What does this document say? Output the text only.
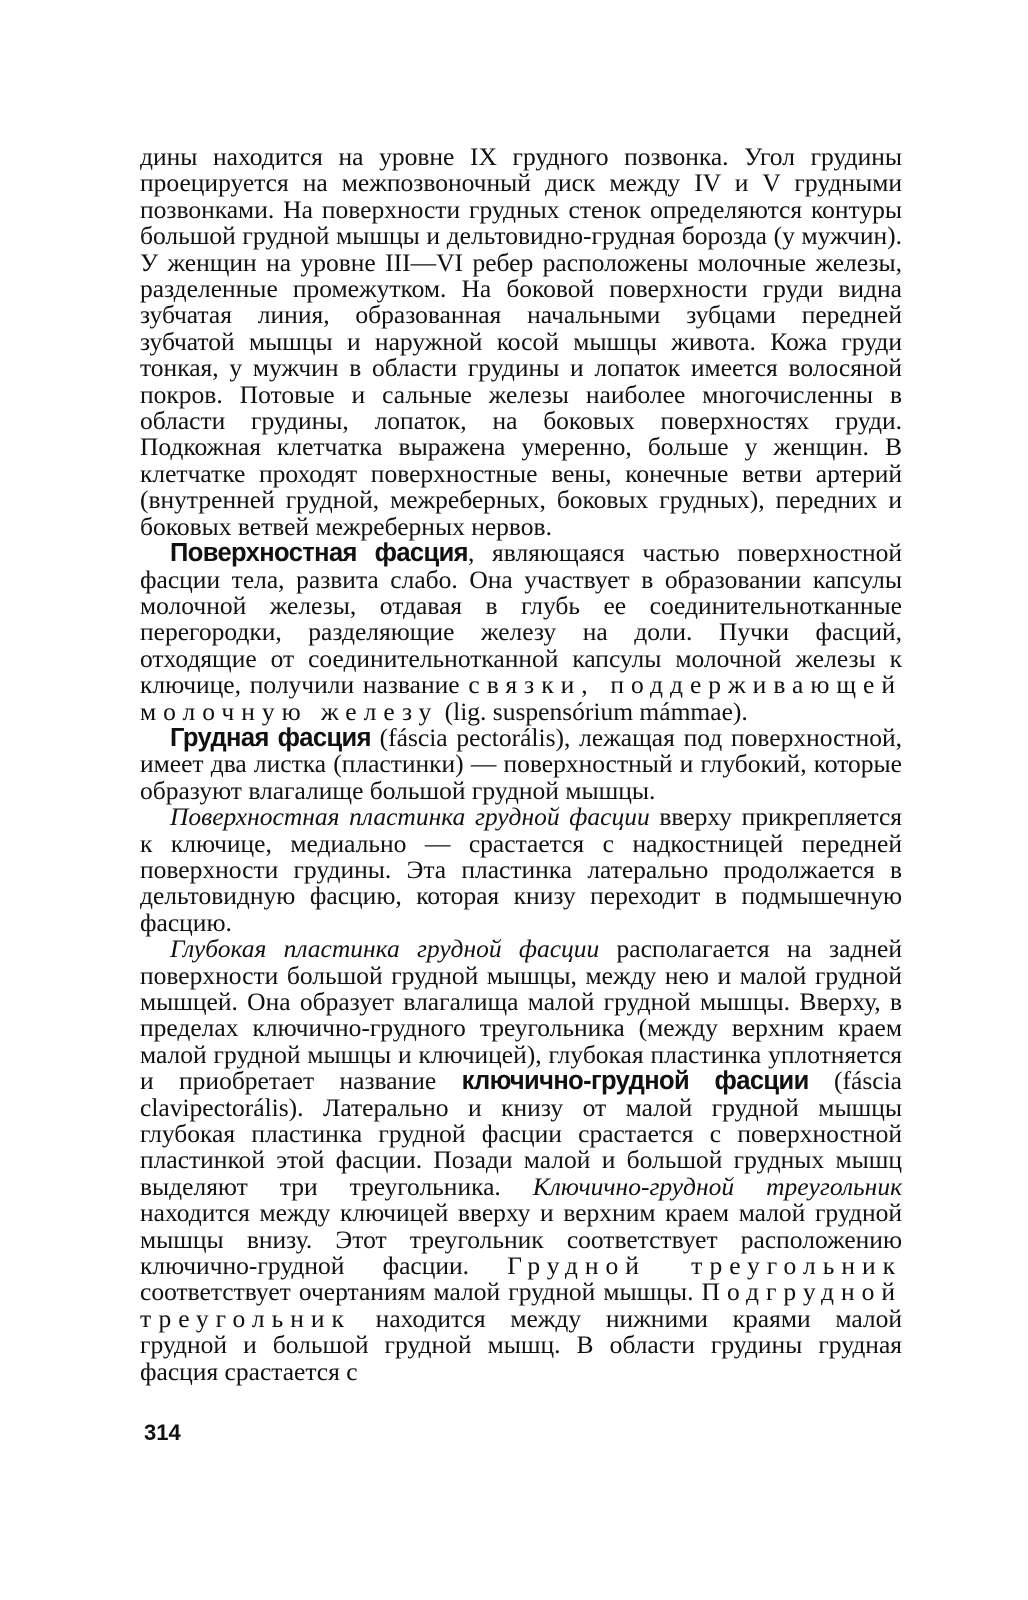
дины находится на уровне IX грудного позвонка. Угол грудины проецируется на межпозвоночный диск между IV и V грудными позвонками. На поверхности грудных стенок определяются контуры большой грудной мышцы и дельтовидно-грудная борозда (у мужчин). У женщин на уровне III—VI ребер расположены молочные железы, разделенные промежутком. На боковой поверхности груди видна зубчатая линия, образованная начальными зубцами передней зубчатой мышцы и наружной косой мышцы живота. Кожа груди тонкая, у мужчин в области грудины и лопаток имеется волосяной покров. Потовые и сальные железы наиболее многочисленны в области грудины, лопаток, на боковых поверхностях груди. Подкожная клетчатка выражена умеренно, больше у женщин. В клетчатке проходят поверхностные вены, конечные ветви артерий (внутренней грудной, межреберных, боковых грудных), передних и боковых ветвей межреберных нервов.

Поверхностная фасция, являющаяся частью поверхностной фасции тела, развита слабо. Она участвует в образовании капсулы молочной железы, отдавая в глубь ее соединительнотканные перегородки, разделяющие железу на доли. Пучки фасций, отходящие от соединительнотканной капсулы молочной железы к ключице, получили название связки, поддерживающей молочную железу (lig. suspensórium mámmae).

Грудная фасция (fáscia pectorális), лежащая под поверхностной, имеет два листка (пластинки) — поверхностный и глубокий, которые образуют влагалище большой грудной мышцы.

Поверхностная пластинка грудной фасции вверху прикрепляется к ключице, медиально — срастается с надкостницей передней поверхности грудины. Эта пластинка латерально продолжается в дельтовидную фасцию, которая книзу переходит в подмышечную фасцию.

Глубокая пластинка грудной фасции располагается на задней поверхности большой грудной мышцы, между нею и малой грудной мышцей. Она образует влагалища малой грудной мышцы. Вверху, в пределах ключично-грудного треугольника (между верхним краем малой грудной мышцы и ключицей), глубокая пластинка уплотняется и приобретает название ключично-грудной фасции (fáscia clavipectorális). Латерально и книзу от малой грудной мышцы глубокая пластинка грудной фасции срастается с поверхностной пластинкой этой фасции. Позади малой и большой грудных мышц выделяют три треугольника. Ключично-грудной треугольник находится между ключицей вверху и верхним краем малой грудной мышцы внизу. Этот треугольник соответствует расположению ключично-грудной фасции. Грудной треугольник соответствует очертаниям малой грудной мышцы. Подгрудной треугольник находится между нижними краями малой грудной и большой грудной мышц. В области грудины грудная фасция срастается с

314
